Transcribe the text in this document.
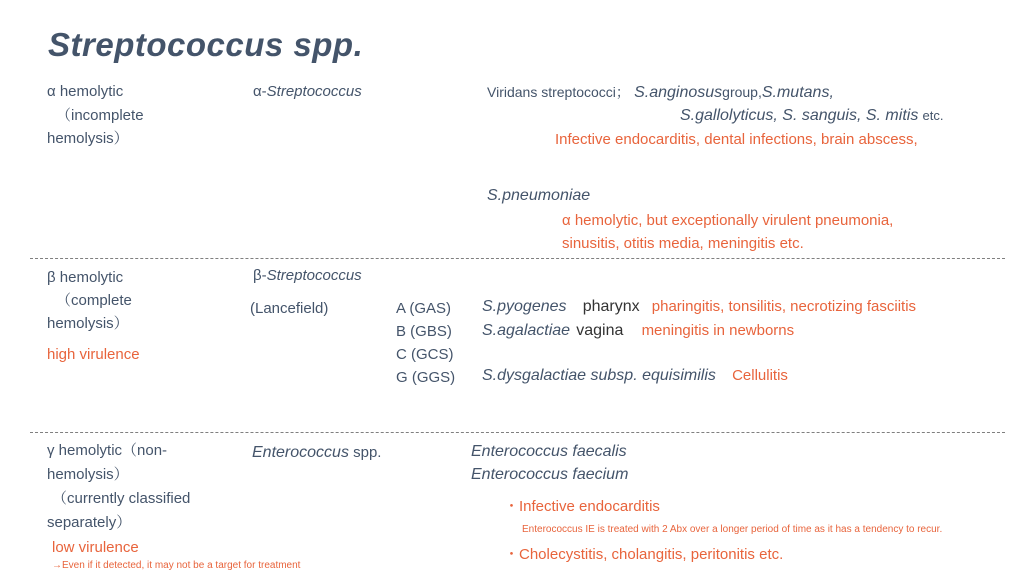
Streptococcus spp.
α hemolytic
（incomplete
hemolysis）
α-Streptococcus	Viridans streptococci； S.anginosusgroup,S.mutans,
S.gallolyticus, S. sanguis, S. mitis etc.
Infective endocarditis, dental infections, brain abscess,
S.pneumoniae
α hemolytic, but exceptionally virulent pneumonia,
sinusitis, otitis media, meningitis etc.
β hemolytic
（complete
hemolysis）
high virulence
β-Streptococcus
(Lancefield)	A (GAS)
B (GBS)
C (GCS)
G (GGS)
S.pyogenes pharynx pharingitis, tonsilitis, necrotizing fasciitis
S.agalactiae vagina meningitis in newborns
S.dysgalactiae subsp. equisimilis Cellulitis
γ hemolytic（non-
hemolysis）
（currently classified
separately）
low virulence
→Even if it detected, it may not be a target for treatment
Enterococcus spp.	Enterococcus faecalis
Enterococcus faecium
・Infective endocarditis
Enterococcus IE is treated with 2 Abx over a longer period of time as it has a tendency to recur.
・Cholecystitis, cholangitis, peritonitis etc.
